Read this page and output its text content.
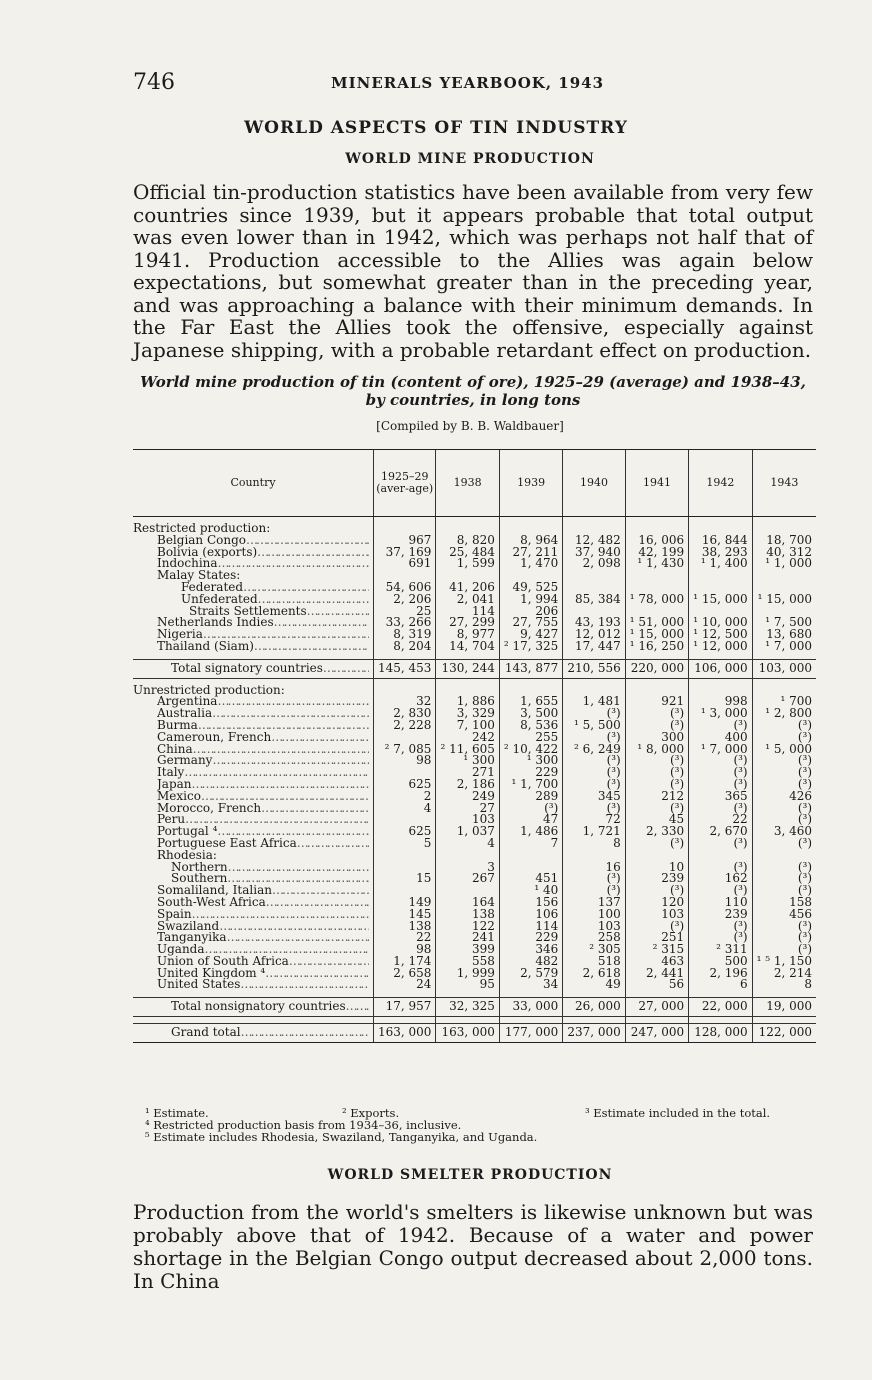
746	MINERALS YEARBOOK, 1943
WORLD ASPECTS OF TIN INDUSTRY
WORLD MINE PRODUCTION
Official tin-production statistics have been available from very few countries since 1939, but it appears probable that total output was even lower than in 1942, which was perhaps not half that of 1941. Production accessible to the Allies was again below expectations, but somewhat greater than in the preceding year, and was approaching a balance with their minimum demands. In the Far East the Allies took the offensive, especially against Japanese shipping, with a probable retardant effect on production.
World mine production of tin (content of ore), 1925–29 (average) and 1938–43, by countries, in long tons
[Compiled by B. B. Waldbauer]
Country	1925–29 (aver-age)	1938	1939	1940	1941	1942	1943

Restricted production:							
Belgian Congo …………………………………………………………	967	8, 820	8, 964	12, 482	16, 006	16, 844	18, 700
Bolivia (exports) …………………………………………………………	37, 169	25, 484	27, 211	37, 940	42, 199	38, 293	40, 312
Indochina …………………………………………………………	691	1, 599	1, 470	2, 098	¹ 1, 430	¹ 1, 400	¹ 1, 000
Malay States:							
Federated …………………………………………………………	54, 606	41, 206	49, 525				
Unfederated …………………………………………………………	2, 206	2, 041	1, 994	85, 384	¹ 78, 000	¹ 15, 000	¹ 15, 000
Straits Settlements …………………………………………………………	25	114	206				
Netherlands Indies …………………………………………………………	33, 266	27, 299	27, 755	43, 193	¹ 51, 000	¹ 10, 000	¹ 7, 500
Nigeria …………………………………………………………	8, 319	8, 977	9, 427	12, 012	¹ 15, 000	¹ 12, 500	13, 680
Thailand (Siam) …………………………………………………………	8, 204	14, 704	² 17, 325	17, 447	¹ 16, 250	¹ 12, 000	¹ 7, 000

Total signatory countries …………………………………………………………	145, 453	130, 244	143, 877	210, 556	220, 000	106, 000	103, 000

Unrestricted production:							
Argentina …………………………………………………………	32	1, 886	1, 655	1, 481	921	998	¹ 700
Australia …………………………………………………………	2, 830	3, 329	3, 500	(³)	(³)	¹ 3, 000	¹ 2, 800
Burma …………………………………………………………	2, 228	7, 100	8, 536	¹ 5, 500	(³)	(³)	(³)
Cameroun, French …………………………………………………………		242	255	(³)	300	400	(³)
China …………………………………………………………	² 7, 085	² 11, 605	² 10, 422	² 6, 249	¹ 8, 000	¹ 7, 000	¹ 5, 000
Germany …………………………………………………………	98	¹ 300	¹ 300	(³)	(³)	(³)	(³)
Italy …………………………………………………………		271	229	(³)	(³)	(³)	(³)
Japan …………………………………………………………	625	2, 186	¹ 1, 700	(³)	(³)	(³)	(³)
Mexico …………………………………………………………	2	249	289	345	212	365	426
Morocco, French …………………………………………………………	4	27	(³)	(³)	(³)	(³)	(³)
Peru …………………………………………………………		103	47	72	45	22	(³)
Portugal ⁴ …………………………………………………………	625	1, 037	1, 486	1, 721	2, 330	2, 670	3, 460
Portuguese East Africa …………………………………………………………	5	4	7	8	(³)	(³)	(³)
Rhodesia:							
Northern …………………………………………………………		3		16	10	(³)	(³)
Southern …………………………………………………………	15	267	451	(³)	239	162	(³)
Somaliland, Italian …………………………………………………………			¹ 40	(³)	(³)	(³)	(³)
South-West Africa …………………………………………………………	149	164	156	137	120	110	158
Spain …………………………………………………………	145	138	106	100	103	239	456
Swaziland …………………………………………………………	138	122	114	103	(³)	(³)	(³)
Tanganyika …………………………………………………………	22	241	229	258	251	(³)	(³)
Uganda …………………………………………………………	98	399	346	² 305	² 315	² 311	(³)
Union of South Africa …………………………………………………………	1, 174	558	482	518	463	500	¹ ⁵ 1, 150
United Kingdom ⁴ …………………………………………………………	2, 658	1, 999	2, 579	2, 618	2, 441	2, 196	2, 214
United States …………………………………………………………	24	95	34	49	56	6	8

Total nonsignatory countries …………………………………………………………	17, 957	32, 325	33, 000	26, 000	27, 000	22, 000	19, 000

Grand total …………………………………………………………	163, 000	163, 000	177, 000	237, 000	247, 000	128, 000	122, 000
¹ Estimate.	² Exports.	³ Estimate included in the total.
⁴ Restricted production basis from 1934–36, inclusive.
⁵ Estimate includes Rhodesia, Swaziland, Tanganyika, and Uganda.
WORLD SMELTER PRODUCTION
Production from the world's smelters is likewise unknown but was probably above that of 1942. Because of a water and power shortage in the Belgian Congo output decreased about 2,000 tons. In China
